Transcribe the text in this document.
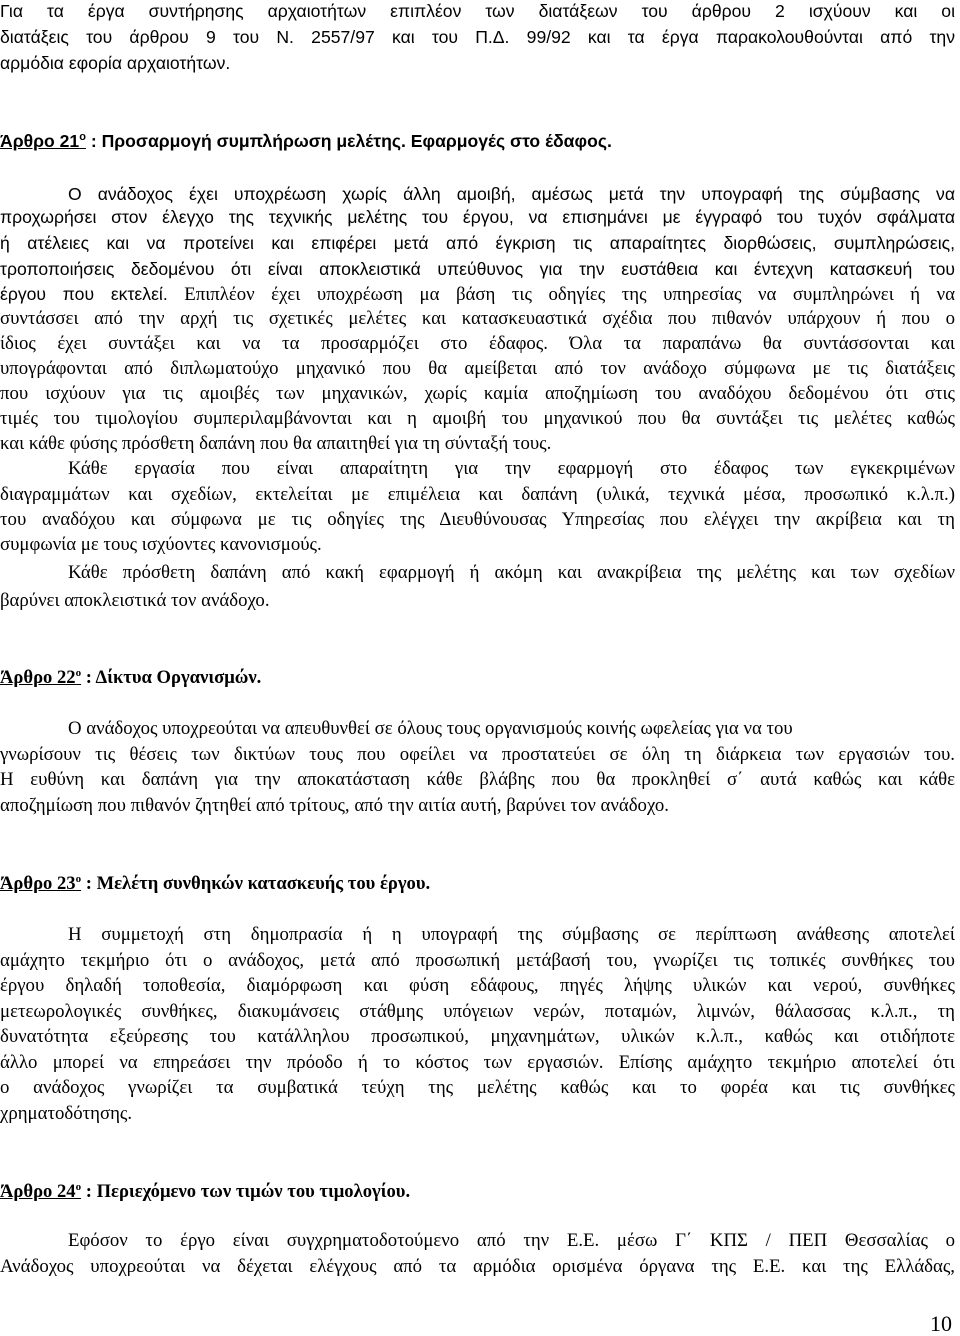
Για τα έργα συντήρησης αρχαιοτήτων επιπλέον των διατάξεων του άρθρου 2 ισχύουν και οι
διατάξεις του άρθρου 9 του Ν. 2557/97 και του Π.Δ. 99/92 και τα έργα παρακολουθούνται από την
αρμόδια εφορία αρχαιοτήτων.
Άρθρο $21^o$ : Προσαρμογή συμπλήρωση μελέτης. Εφαρμογές στο έδαφος.
Ο ανάδοχος έχει υποχρέωση χωρίς άλλη αμοιβή, αμέσως μετά την υπογραφή της σύμβασης να
προχωρήσει στον έλεγχο της τεχνικής μελέτης του έργου, να επισημάνει με έγγραφό του τυχόν σφάλματα
ή ατέλειες και να προτείνει και επιφέρει μετά από έγκριση τις απαραίτητες διορθώσεις, συμπληρώσεις,
τροποποιήσεις δεδομένου ότι είναι αποκλειστικά υπεύθυνος για την ευστάθεια και έντεχνη κατασκευή του
έργου που εκτελεί. Επιπλέον έχει υποχρέωση μα βάση τις οδηγίες της υπηρεσίας να συμπληρώνει ή να
συντάσσει από την αρχή τις σχετικές μελέτες και κατασκευαστικά σχέδια που πιθανόν υπάρχουν ή που ο
ίδιος έχει συντάξει και να τα προσαρμόζει στο έδαφος. Όλα τα παραπάνω θα συντάσσονται και
υπογράφονται από διπλωματούχο μηχανικό που θα αμείβεται από τον ανάδοχο σύμφωνα με τις διατάξεις
που ισχύουν για τις αμοιβές των μηχανικών, χωρίς καμία αποζημίωση του αναδόχου δεδομένου ότι στις
τιμές του τιμολογίου συμπεριλαμβάνονται και η αμοιβή του μηχανικού που θα συντάξει τις μελέτες καθώς
και κάθε φύσης πρόσθετη δαπάνη που θα απαιτηθεί για τη σύνταξή τους.
Κάθε εργασία που είναι απαραίτητη για την εφαρμογή στο έδαφος των εγκεκριμένων
διαγραμμάτων και σχεδίων, εκτελείται με επιμέλεια και δαπάνη (υλικά, τεχνικά μέσα, προσωπικό κ.λ.π.)
του αναδόχου και σύμφωνα με τις οδηγίες της Διευθύνουσας Υπηρεσίας που ελέγχει την ακρίβεια και τη
συμφωνία με τους ισχύοντες κανονισμούς.
Κάθε πρόσθετη δαπάνη από κακή εφαρμογή ή ακόμη και ανακρίβεια της μελέτης και των σχεδίων
βαρύνει αποκλειστικά τον ανάδοχο.
Άρθρο $22^o$ : Δίκτυα Οργανισμών.
Ο ανάδοχος υποχρεούται να απευθυνθεί σε όλους τους οργανισμούς κοινής ωφελείας για να του
γνωρίσουν τις θέσεις των δικτύων τους που οφείλει να προστατεύει σε όλη τη διάρκεια των εργασιών του.
Η ευθύνη και δαπάνη για την αποκατάσταση κάθε βλάβης που θα προκληθεί σ΄ αυτά καθώς και κάθε
αποζημίωση που πιθανόν ζητηθεί από τρίτους, από την αιτία αυτή, βαρύνει τον ανάδοχο.
Άρθρο $23^o$ : Μελέτη συνθηκών κατασκευής του έργου.
Η συμμετοχή στη δημοπρασία ή η υπογραφή της σύμβασης σε περίπτωση ανάθεσης αποτελεί
αμάχητο τεκμήριο ότι ο ανάδοχος, μετά από προσωπική μετάβασή του, γνωρίζει τις τοπικές συνθήκες του
έργου δηλαδή τοποθεσία, διαμόρφωση και φύση εδάφους, πηγές λήψης υλικών και νερού, συνθήκες
μετεωρολογικές συνθήκες, διακυμάνσεις στάθμης υπόγειων νερών, ποταμών, λιμνών, θάλασσας κ.λ.π., τη
δυνατότητα εξεύρεσης του κατάλληλου προσωπικού, μηχανημάτων, υλικών κ.λ.π., καθώς και οτιδήποτε
άλλο μπορεί να επηρεάσει την πρόοδο ή το κόστος των εργασιών. Επίσης αμάχητο τεκμήριο αποτελεί ότι
ο ανάδοχος γνωρίζει τα συμβατικά τεύχη της μελέτης καθώς και το φορέα και τις συνθήκες
χρηματοδότησης.
Άρθρο $24^o$ : Περιεχόμενο των τιμών του τιμολογίου.
Εφόσον το έργο είναι συγχρηματοδοτούμενο από την Ε.Ε. μέσω Γ΄ ΚΠΣ / ΠΕΠ Θεσσαλίας ο
Ανάδοχος υποχρεούται να δέχεται ελέγχους από τα αρμόδια ορισμένα όργανα της Ε.Ε. και της Ελλάδας,
10
